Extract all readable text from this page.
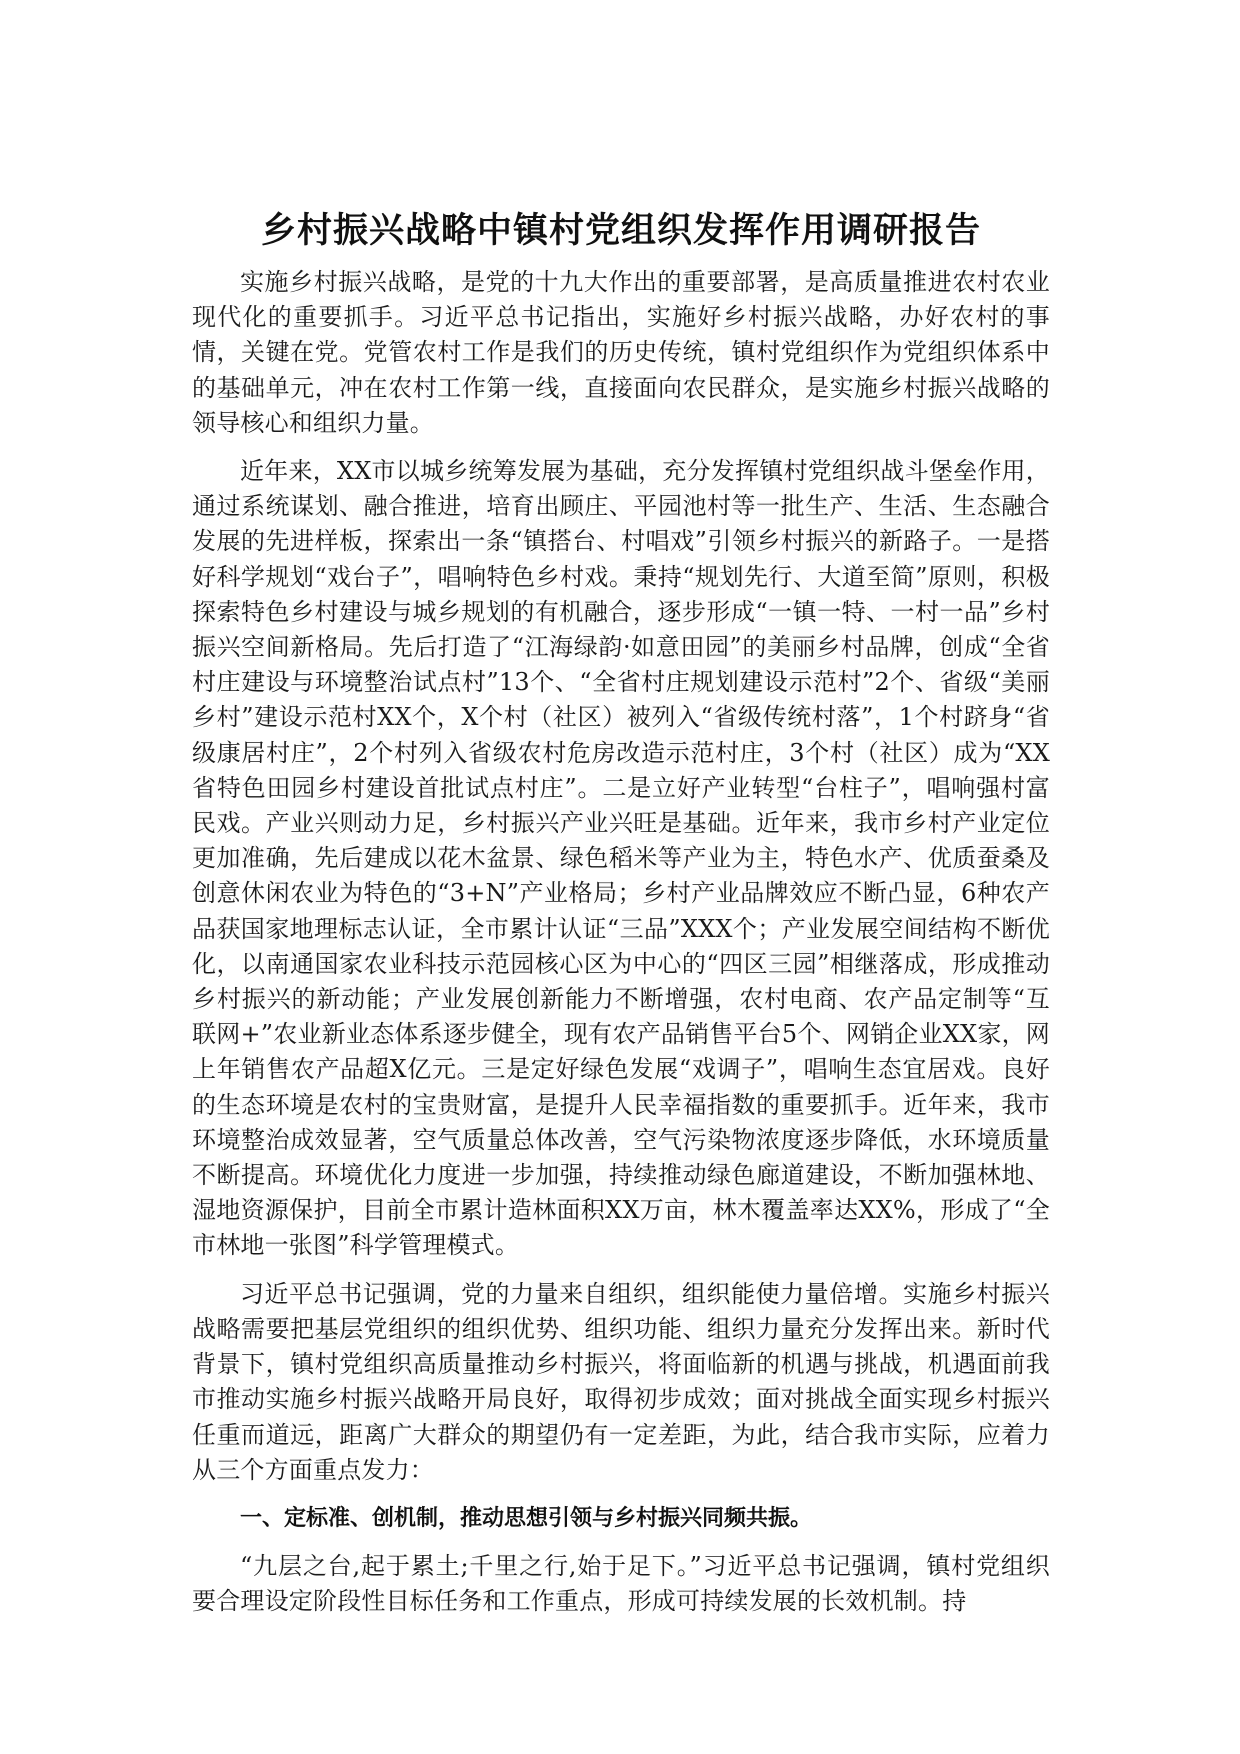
乡村振兴战略中镇村党组织发挥作用调研报告

实施乡村振兴战略，是党的十九大作出的重要部署，是高质量推进农村农业现代化的重要抓手。习近平总书记指出，实施好乡村振兴战略，办好农村的事情，关键在党。党管农村工作是我们的历史传统，镇村党组织作为党组织体系中的基础单元，冲在农村工作第一线，直接面向农民群众，是实施乡村振兴战略的领导核心和组织力量。

近年来，XX市以城乡统筹发展为基础，充分发挥镇村党组织战斗堡垒作用，通过系统谋划、融合推进，培育出顾庄、平园池村等一批生产、生活、生态融合发展的先进样板，探索出一条“镇搭台、村唱戏”引领乡村振兴的新路子。一是搭好科学规划“戏台子”，唱响特色乡村戏。秉持“规划先行、大道至简”原则，积极探索特色乡村建设与城乡规划的有机融合，逐步形成“一镇一特、一村一品”乡村振兴空间新格局。先后打造了“江海绿韵·如意田园”的美丽乡村品牌，创成“全省村庄建设与环境整治试点村”13个、“全省村庄规划建设示范村”2个、省级“美丽乡村”建设示范村XX个，X个村（社区）被列入“省级传统村落”，1个村跻身“省级康居村庄”，2个村列入省级农村危房改造示范村庄，3个村（社区）成为“XX省特色田园乡村建设首批试点村庄”。二是立好产业转型“台柱子”，唱响强村富民戏。产业兴则动力足，乡村振兴产业兴旺是基础。近年来，我市乡村产业定位更加准确，先后建成以花木盆景、绿色稻米等产业为主，特色水产、优质蚕桑及创意休闲农业为特色的“3+N”产业格局；乡村产业品牌效应不断凸显，6种农产品获国家地理标志认证，全市累计认证“三品”XXX个；产业发展空间结构不断优化，以南通国家农业科技示范园核心区为中心的“四区三园”相继落成，形成推动乡村振兴的新动能；产业发展创新能力不断增强，农村电商、农产品定制等“互联网+”农业新业态体系逐步健全，现有农产品销售平台5个、网销企业XX家，网上年销售农产品超X亿元。三是定好绿色发展“戏调子”，唱响生态宜居戏。良好的生态环境是农村的宝贵财富，是提升人民幸福指数的重要抓手。近年来，我市环境整治成效显著，空气质量总体改善，空气污染物浓度逐步降低，水环境质量不断提高。环境优化力度进一步加强，持续推动绿色廊道建设，不断加强林地、湿地资源保护，目前全市累计造林面积XX万亩，林木覆盖率达XX%，形成了“全市林地一张图”科学管理模式。

习近平总书记强调，党的力量来自组织，组织能使力量倍增。实施乡村振兴战略需要把基层党组织的组织优势、组织功能、组织力量充分发挥出来。新时代背景下，镇村党组织高质量推动乡村振兴，将面临新的机遇与挑战，机遇面前我市推动实施乡村振兴战略开局良好，取得初步成效；面对挑战全面实现乡村振兴任重而道远，距离广大群众的期望仍有一定差距，为此，结合我市实际，应着力从三个方面重点发力：

一、定标准、创机制，推动思想引领与乡村振兴同频共振。

“九层之台,起于累土;千里之行,始于足下。”习近平总书记强调，镇村党组织要合理设定阶段性目标任务和工作重点，形成可持续发展的长效机制。持
